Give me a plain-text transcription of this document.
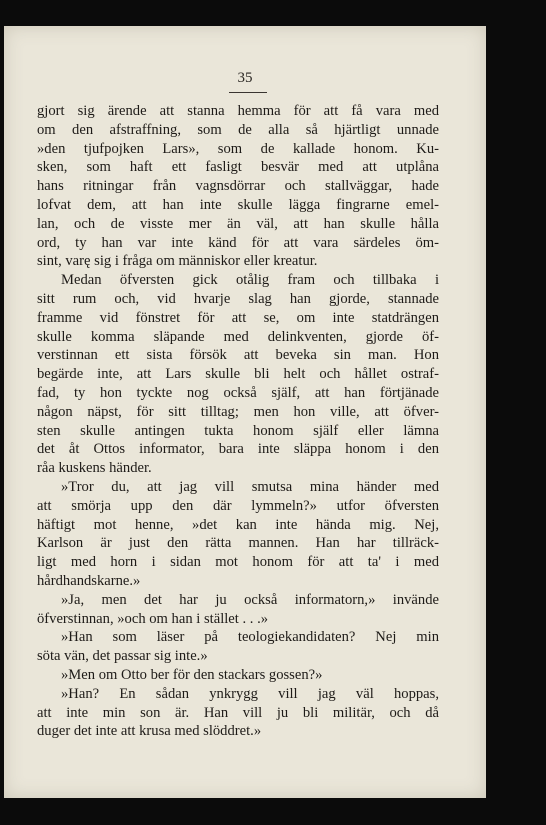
35
gjort sig ärende att stanna hemma för att få vara med
om den afstraffning, som de alla så hjärtligt unnade
»den tjufpojken Lars», som de kallade honom. Ku-
sken, som haft ett fasligt besvär med att utplåna
hans ritningar från vagnsdörrar och stallväggar, hade
lofvat dem, att han inte skulle lägga fingrarne emel-
lan, och de visste mer än väl, att han skulle hålla
ord, ty han var inte känd för att vara särdeles öm-
sint, varę sig i fråga om människor eller kreatur.
Medan öfversten gick otålig fram och tillbaka i
sitt rum och, vid hvarje slag han gjorde, stannade
framme vid fönstret för att se, om inte statdrängen
skulle komma släpande med delinkventen, gjorde öf-
verstinnan ett sista försök att beveka sin man. Hon
begärde inte, att Lars skulle bli helt och hållet ostraf-
fad, ty hon tyckte nog också själf, att han förtjänade
någon näpst, för sitt tilltag; men hon ville, att öfver-
sten skulle antingen tukta honom själf eller lämna
det åt Ottos informator, bara inte släppa honom i den
råa kuskens händer.
»Tror du, att jag vill smutsa mina händer med
att smörja upp den där lymmeln?» utfor öfversten
häftigt mot henne, »det kan inte hända mig. Nej,
Karlson är just den rätta mannen. Han har tillräck-
ligt med horn i sidan mot honom för att ta' i med
hårdhandskarne.»
»Ja, men det har ju också informatorn,» invände
öfverstinnan, »och om han i stället . . .»
»Han som läser på teologiekandidaten? Nej min
söta vän, det passar sig inte.»
»Men om Otto ber för den stackars gossen?»
»Han? En sådan ynkrygg vill jag väl hoppas,
att inte min son är. Han vill ju bli militär, och då
duger det inte att krusa med slöddret.»
